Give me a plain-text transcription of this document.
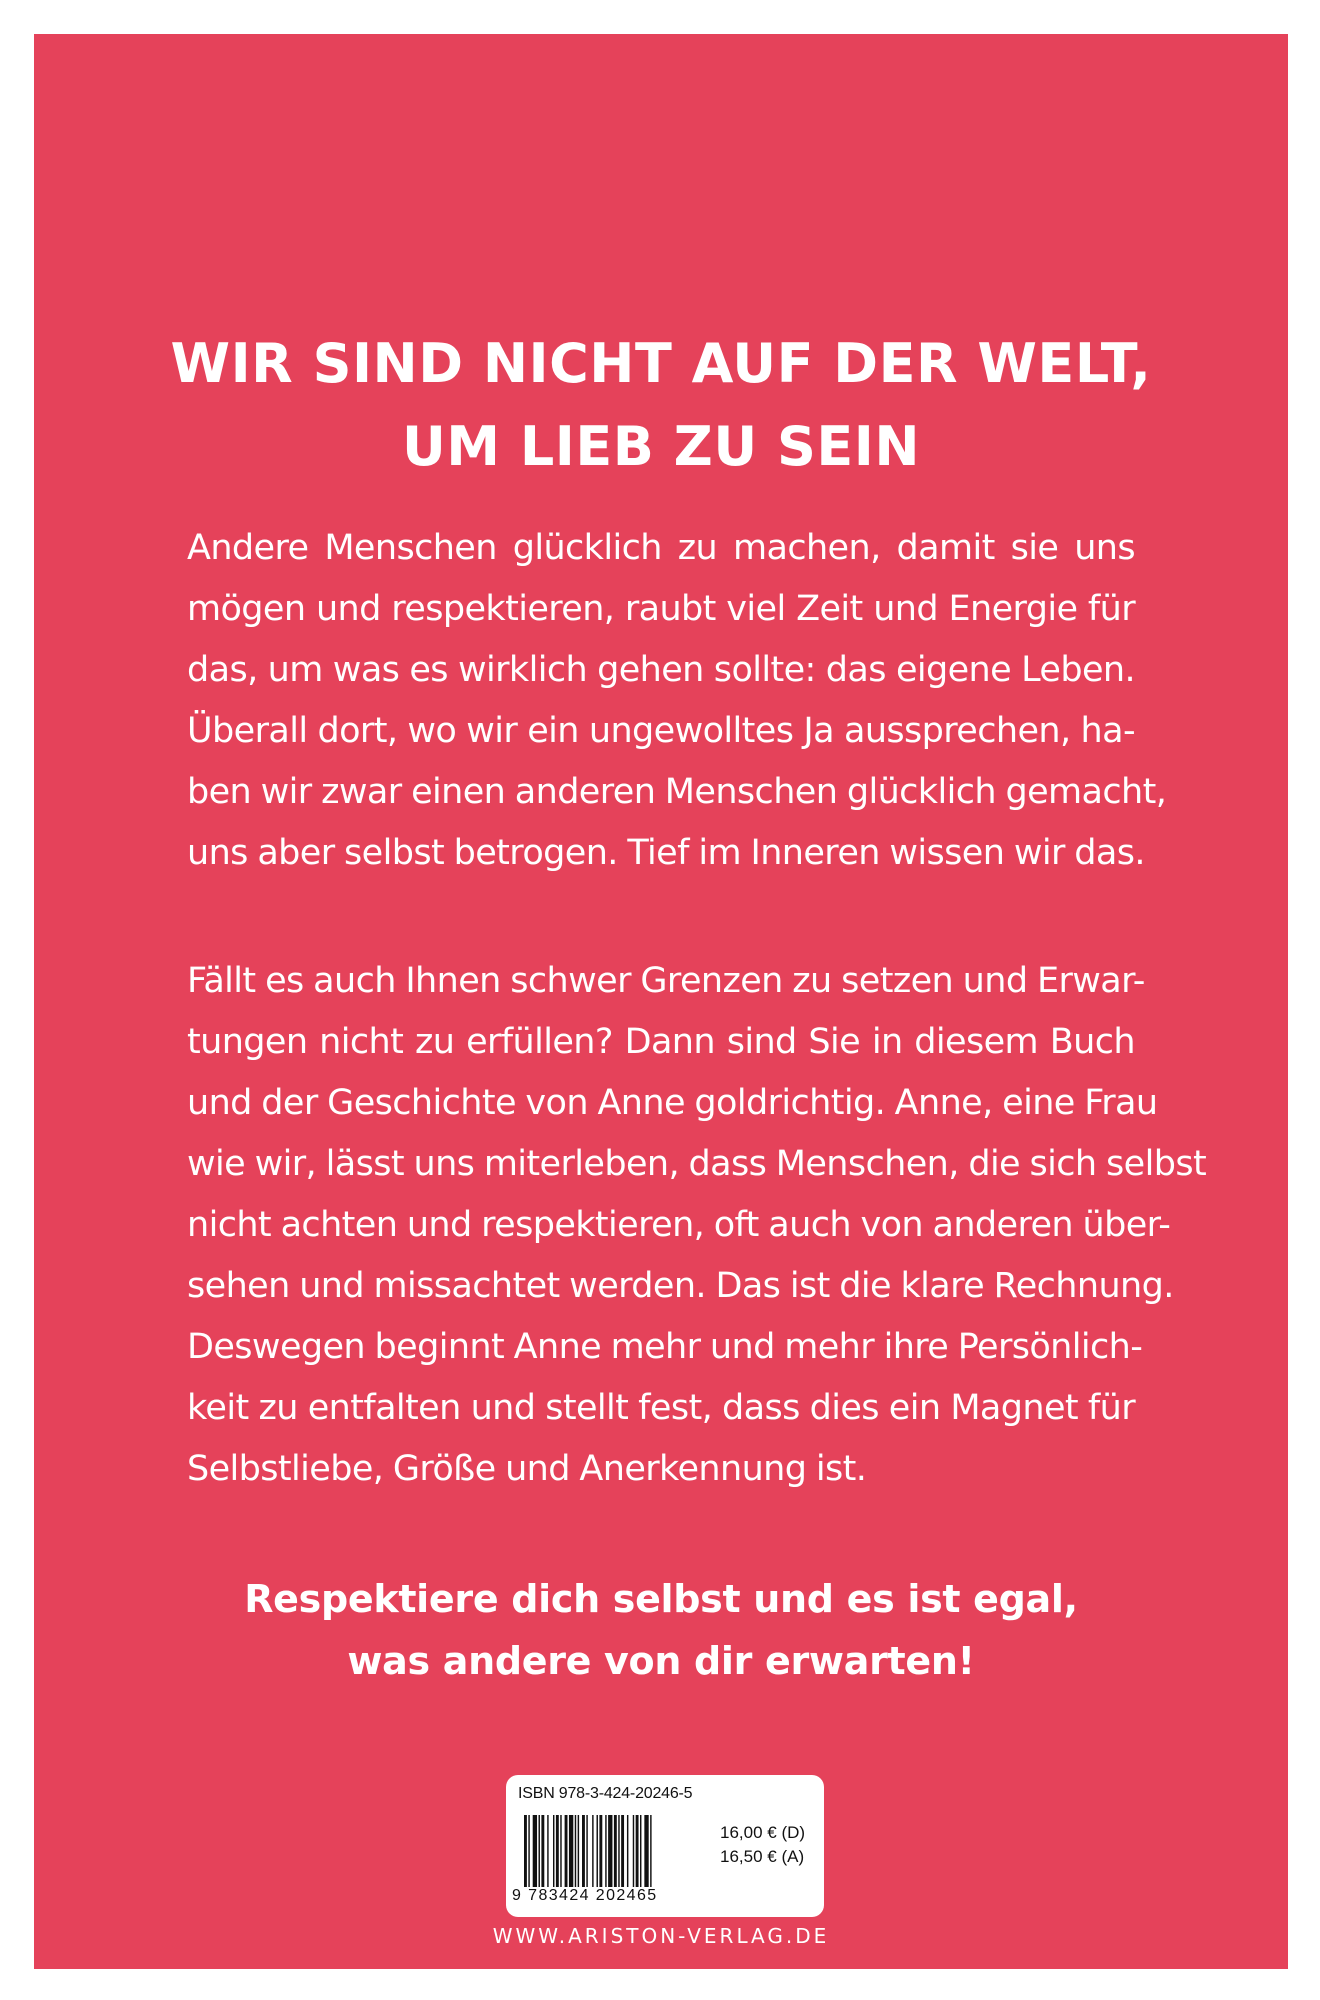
WIR SIND NICHT AUF DER WELT,
UM LIEB ZU SEIN
Andere Menschen glücklich zu machen, damit sie uns
mögen und respektieren, raubt viel Zeit und Energie für
das, um was es wirklich gehen sollte: das eigene Leben.
Überall dort, wo wir ein ungewolltes Ja aussprechen, ha-
ben wir zwar einen anderen Menschen glücklich gemacht,
uns aber selbst betrogen. Tief im Inneren wissen wir das.
Fällt es auch Ihnen schwer Grenzen zu setzen und Erwar-
tungen nicht zu erfüllen? Dann sind Sie in diesem Buch
und der Geschichte von Anne goldrichtig. Anne, eine Frau
wie wir, lässt uns miterleben, dass Menschen, die sich selbst
nicht achten und respektieren, oft auch von anderen über-
sehen und missachtet werden. Das ist die klare Rechnung.
Deswegen beginnt Anne mehr und mehr ihre Persönlich-
keit zu entfalten und stellt fest, dass dies ein Magnet für
Selbstliebe, Größe und Anerkennung ist.
Respektiere dich selbst und es ist egal,
was andere von dir erwarten!
ISBN 978-3-424-20246-5
9 783424 202465
16,00 € (D)
16,50 € (A)
WWW.ARISTON-VERLAG.DE
